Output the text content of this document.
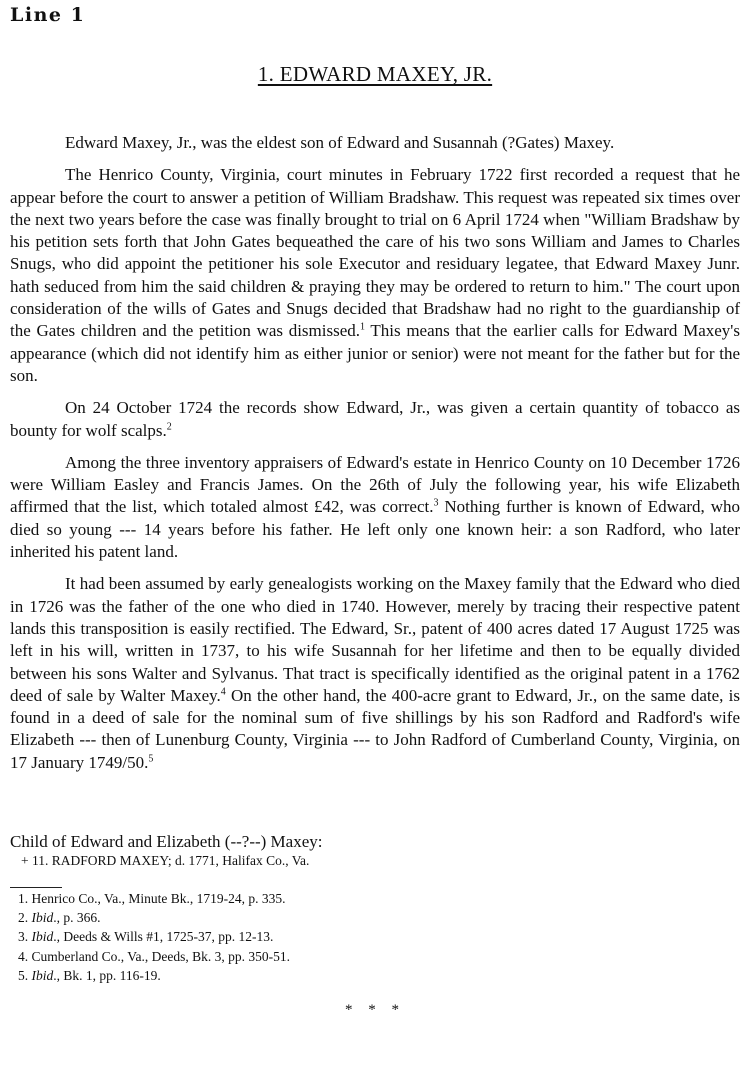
Line 1
1. EDWARD MAXEY, JR.

Edward Maxey, Jr., was the eldest son of Edward and Susannah (?Gates) Maxey.

The Henrico County, Virginia, court minutes in February 1722 first recorded a request that he appear before the court to answer a petition of William Bradshaw. This request was repeated six times over the next two years before the case was finally brought to trial on 6 April 1724 when "William Bradshaw by his petition sets forth that John Gates bequeathed the care of his two sons William and James to Charles Snugs, who did appoint the petitioner his sole Executor and residuary legatee, that Edward Maxey Junr. hath seduced from him the said children & praying they may be ordered to return to him." The court upon consideration of the wills of Gates and Snugs decided that Bradshaw had no right to the guardianship of the Gates children and the petition was dismissed.$^1$ This means that the earlier calls for Edward Maxey's appearance (which did not identify him as either junior or senior) were not meant for the father but for the son.

On 24 October 1724 the records show Edward, Jr., was given a certain quantity of tobacco as bounty for wolf scalps.$^2$

Among the three inventory appraisers of Edward's estate in Henrico County on 10 December 1726 were William Easley and Francis James. On the 26th of July the following year, his wife Elizabeth affirmed that the list, which totaled almost £42, was correct.$^3$ Nothing further is known of Edward, who died so young --- 14 years before his father. He left only one known heir: a son Radford, who later inherited his patent land.

It had been assumed by early genealogists working on the Maxey family that the Edward who died in 1726 was the father of the one who died in 1740. However, merely by tracing their respective patent lands this transposition is easily rectified. The Edward, Sr., patent of 400 acres dated 17 August 1725 was left in his will, written in 1737, to his wife Susannah for her lifetime and then to be equally divided between his sons Walter and Sylvanus. That tract is specifically identified as the original patent in a 1762 deed of sale by Walter Maxey.$^4$ On the other hand, the 400-acre grant to Edward, Jr., on the same date, is found in a deed of sale for the nominal sum of five shillings by his son Radford and Radford's wife Elizabeth --- then of Lunenburg County, Virginia --- to John Radford of Cumberland County, Virginia, on 17 January 1749/50.$^5$

Child of Edward and Elizabeth (--?--) Maxey:
+ 11. RADFORD MAXEY; d. 1771, Halifax Co., Va.
1. Henrico Co., Va., Minute Bk., 1719-24, p. 335.
2. Ibid., p. 366.
3. Ibid., Deeds & Wills #1, 1725-37, pp. 12-13.
4. Cumberland Co., Va., Deeds, Bk. 3, pp. 350-51.
5. Ibid., Bk. 1, pp. 116-19.
* * *
